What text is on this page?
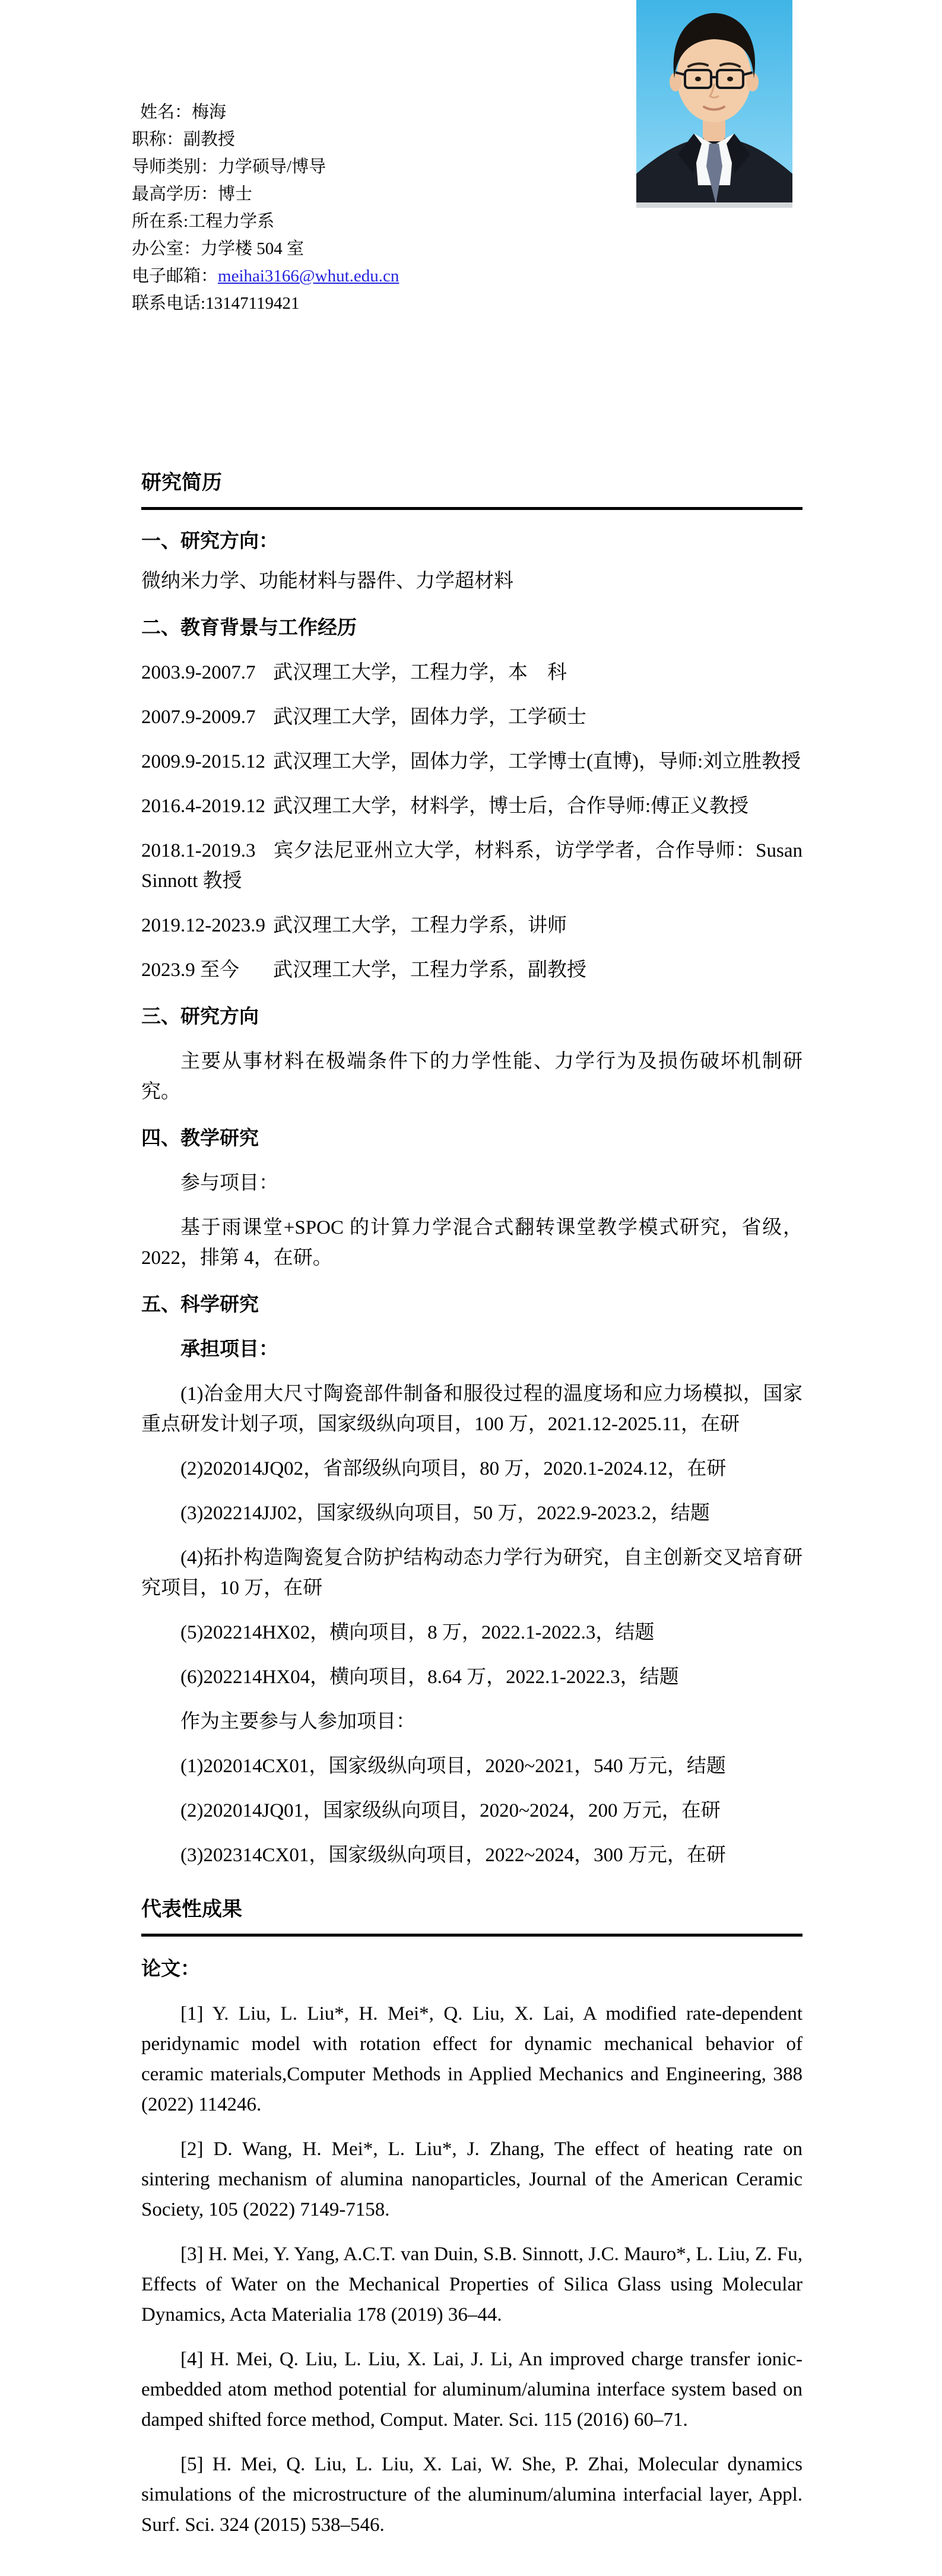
姓名：梅海

职称：副教授

导师类别：力学硕导/博导

最高学历：博士

所在系:工程力学系

办公室：力学楼 504 室

电子邮箱：meihai3166@whut.edu.cn

联系电话:13147119421

研究简历
一、研究方向：

微纳米力学、功能材料与器件、力学超材料

二、教育背景与工作经历

2003.9-2007.7 武汉理工大学，工程力学，本　科

2007.9-2009.7 武汉理工大学，固体力学，工学硕士

2009.9-2015.12 武汉理工大学，固体力学，工学博士(直博)，导师:刘立胜教授

2016.4-2019.12 武汉理工大学，材料学，博士后，合作导师:傅正义教授

2018.1-2019.3 宾夕法尼亚州立大学，材料系，访学学者，合作导师：Susan Sinnott 教授

2019.12-2023.9 武汉理工大学，工程力学系，讲师

2023.9 至今 武汉理工大学，工程力学系，副教授

三、研究方向

主要从事材料在极端条件下的力学性能、力学行为及损伤破坏机制研究。

四、教学研究

参与项目：

基于雨课堂+SPOC 的计算力学混合式翻转课堂教学模式研究，省级，2022，排第 4，在研。

五、科学研究

承担项目：

(1)冶金用大尺寸陶瓷部件制备和服役过程的温度场和应力场模拟，国家重点研发计划子项，国家级纵向项目，100 万，2021.12-2025.11，在研

(2)202014JQ02，省部级纵向项目，80 万，2020.1-2024.12，在研

(3)202214JJ02，国家级纵向项目，50 万，2022.9-2023.2，结题

(4)拓扑构造陶瓷复合防护结构动态力学行为研究，自主创新交叉培育研究项目，10 万，在研

(5)202214HX02，横向项目，8 万，2022.1-2022.3，结题

(6)202214HX04，横向项目，8.64 万，2022.1-2022.3，结题

作为主要参与人参加项目：

(1)202014CX01，国家级纵向项目，2020~2021，540 万元，结题

(2)202014JQ01，国家级纵向项目，2020~2024，200 万元，在研

(3)202314CX01，国家级纵向项目，2022~2024，300 万元，在研

代表性成果
论文：

[1] Y. Liu, L. Liu*, H. Mei*, Q. Liu, X. Lai, A modified rate-dependent peridynamic model with rotation effect for dynamic mechanical behavior of ceramic materials,Computer Methods in Applied Mechanics and Engineering, 388 (2022) 114246.

[2] D. Wang, H. Mei*, L. Liu*, J. Zhang, The effect of heating rate on sintering mechanism of alumina nanoparticles, Journal of the American Ceramic Society, 105 (2022) 7149-7158.

[3] H. Mei, Y. Yang, A.C.T. van Duin, S.B. Sinnott, J.C. Mauro*, L. Liu, Z. Fu, Effects of Water on the Mechanical Properties of Silica Glass using Molecular Dynamics, Acta Materialia 178 (2019) 36–44.

[4] H. Mei, Q. Liu, L. Liu, X. Lai, J. Li, An improved charge transfer ionic-embedded atom method potential for aluminum/alumina interface system based on damped shifted force method, Comput. Mater. Sci. 115 (2016) 60–71.

[5] H. Mei, Q. Liu, L. Liu, X. Lai, W. She, P. Zhai, Molecular dynamics simulations of the microstructure of the aluminum/alumina interfacial layer, Appl. Surf. Sci. 324 (2015) 538–546.
